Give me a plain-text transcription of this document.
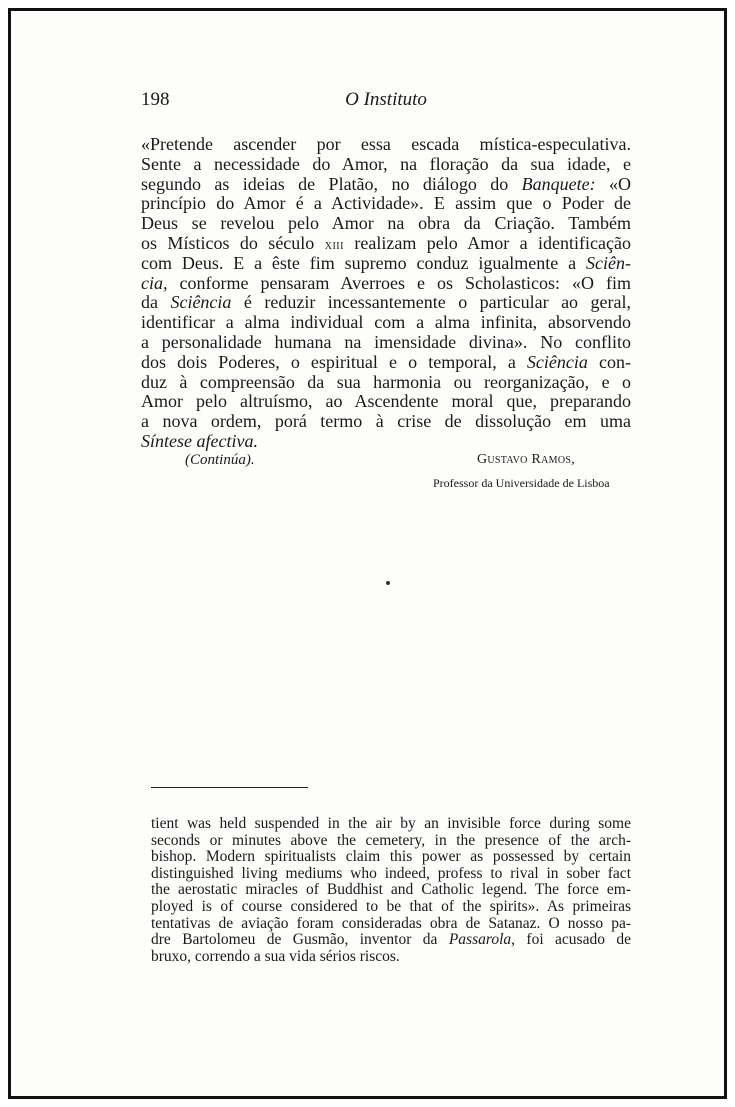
198	O Instituto
«Pretende ascender por essa escada mística-especulativa.
Sente a necessidade do Amor, na floração da sua idade, e
segundo as ideias de Platão, no diálogo do Banquete: «O
princípio do Amor é a Actividade». E assim que o Poder de
Deus se revelou pelo Amor na obra da Criação. Também
os Místicos do século xiii realizam pelo Amor a identificação
com Deus. E a êste fim supremo conduz igualmente a Sciên-
cia, conforme pensaram Averroes e os Scholasticos: «O fim
da Sciência é reduzir incessantemente o particular ao geral,
identificar a alma individual com a alma infinita, absorvendo
a personalidade humana na imensidade divina». No conflito
dos dois Poderes, o espiritual e o temporal, a Sciência con-
duz à compreensão da sua harmonia ou reorganização, e o
Amor pelo altruísmo, ao Ascendente moral que, preparando
a nova ordem, porá termo à crise de dissolução em uma
Síntese afectiva.
(Continúa).	Gustavo Ramos,
Professor da Universidade de Lisboa
tient was held suspended in the air by an invisible force during some
seconds or minutes above the cemetery, in the presence of the arch-
bishop. Modern spiritualists claim this power as possessed by certain
distinguished living mediums who indeed, profess to rival in sober fact
the aerostatic miracles of Buddhist and Catholic legend. The force em-
ployed is of course considered to be that of the spirits». As primeiras
tentativas de aviação foram consideradas obra de Satanaz. O nosso pa-
dre Bartolomeu de Gusmão, inventor da Passarola, foi acusado de
bruxo, correndo a sua vida sérios riscos.
